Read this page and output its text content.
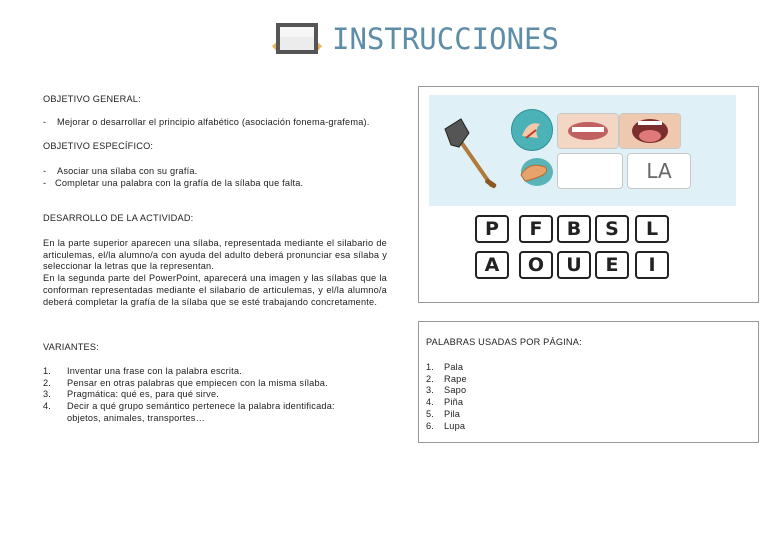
INSTRUCCIONES
OBJETIVO GENERAL:
- Mejorar o desarrollar el principio alfabético (asociación fonema-grafema).
OBJETIVO ESPECÍFICO:
- Asociar una sílaba con su grafía.
- Completar una palabra con la grafía de la sílaba que falta.
DESARROLLO DE LA ACTIVIDAD:
En la parte superior aparecen una sílaba, representada mediante el silabario de articulemas, el/la alumno/a con ayuda del adulto deberá pronunciar esa sílaba y seleccionar la letras que la representan.
En la segunda parte del PowerPoint, aparecerá una imagen y las sílabas que la conforman representadas mediante el silabario de articulemas, y el/la alumno/a deberá completar la grafía de la sílaba que se esté trabajando concretamente.
VARIANTES:
1.	Inventar una frase con la palabra escrita.
2.	Pensar en otras palabras que empiecen con la misma sílaba.
3.	Pragmática: qué es, para qué sirve.
4.	Decir a qué grupo semántico pertenece la palabra identificada: objetos, animales, transportes…
LA
P	F	B	S	L
A	O	U	E	I
PALABRAS USADAS POR PÁGINA:
1.	Pala
2.	Rape
3.	Sapo
4.	Piña
5.	Pila
6.	Lupa
